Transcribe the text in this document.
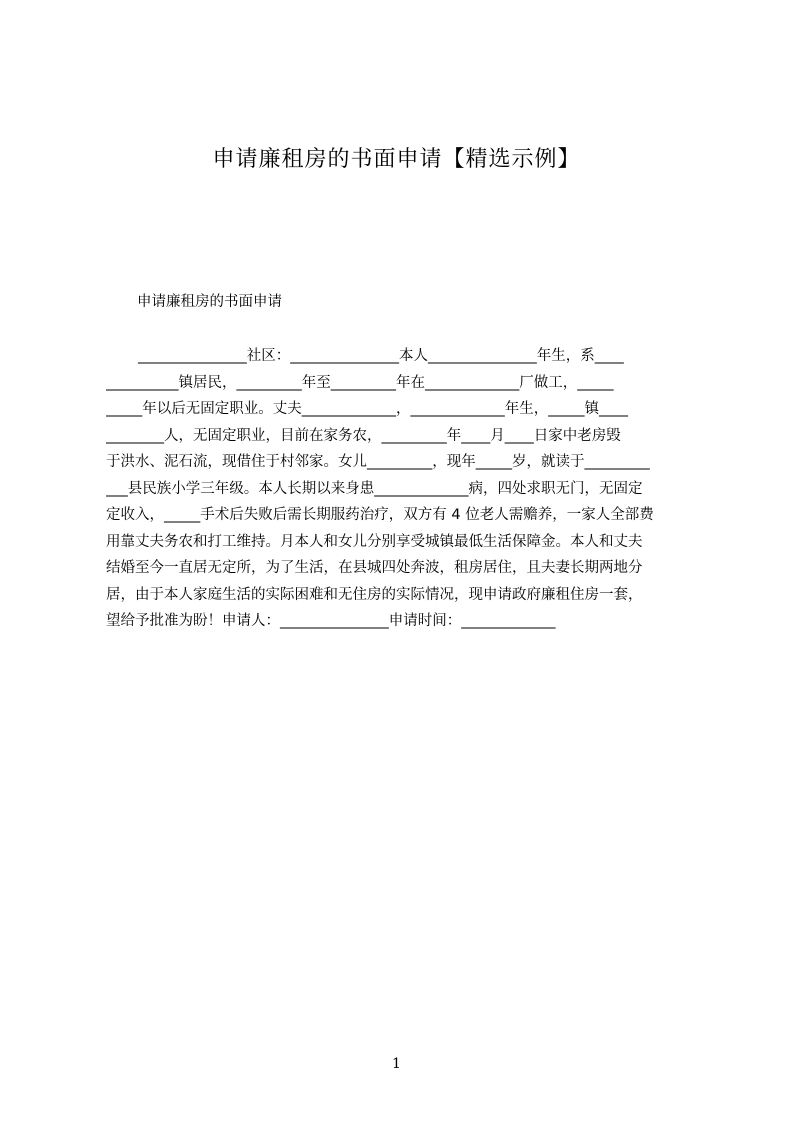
申请廉租房的书面申请【精选示例】

申请廉租房的书面申请

_______________社区：_______________本人_______________年生，系____
__________镇居民，_________年至_________年在_____________厂做工，_____
_____年以后无固定职业。丈夫_____________，_____________年生，_____镇____
________人，无固定职业，目前在家务农，_________年____月____日家中老房毁
于洪水、泥石流，现借住于村邻家。女儿_________，现年_____岁，就读于_________
___县民族小学三年级。本人长期以来身患_____________病，四处求职无门，无固定
定收入，_____手术后失败后需长期服药治疗，双方有 4 位老人需赡养，一家人全部费
用靠丈夫务农和打工维持。月本人和女儿分别享受城镇最低生活保障金。本人和丈夫
结婚至今一直居无定所，为了生活，在县城四处奔波，租房居住，且夫妻长期两地分
居，由于本人家庭生活的实际困难和无住房的实际情况，现申请政府廉租住房一套，
望给予批准为盼！申请人：_______________申请时间：_____________
1
